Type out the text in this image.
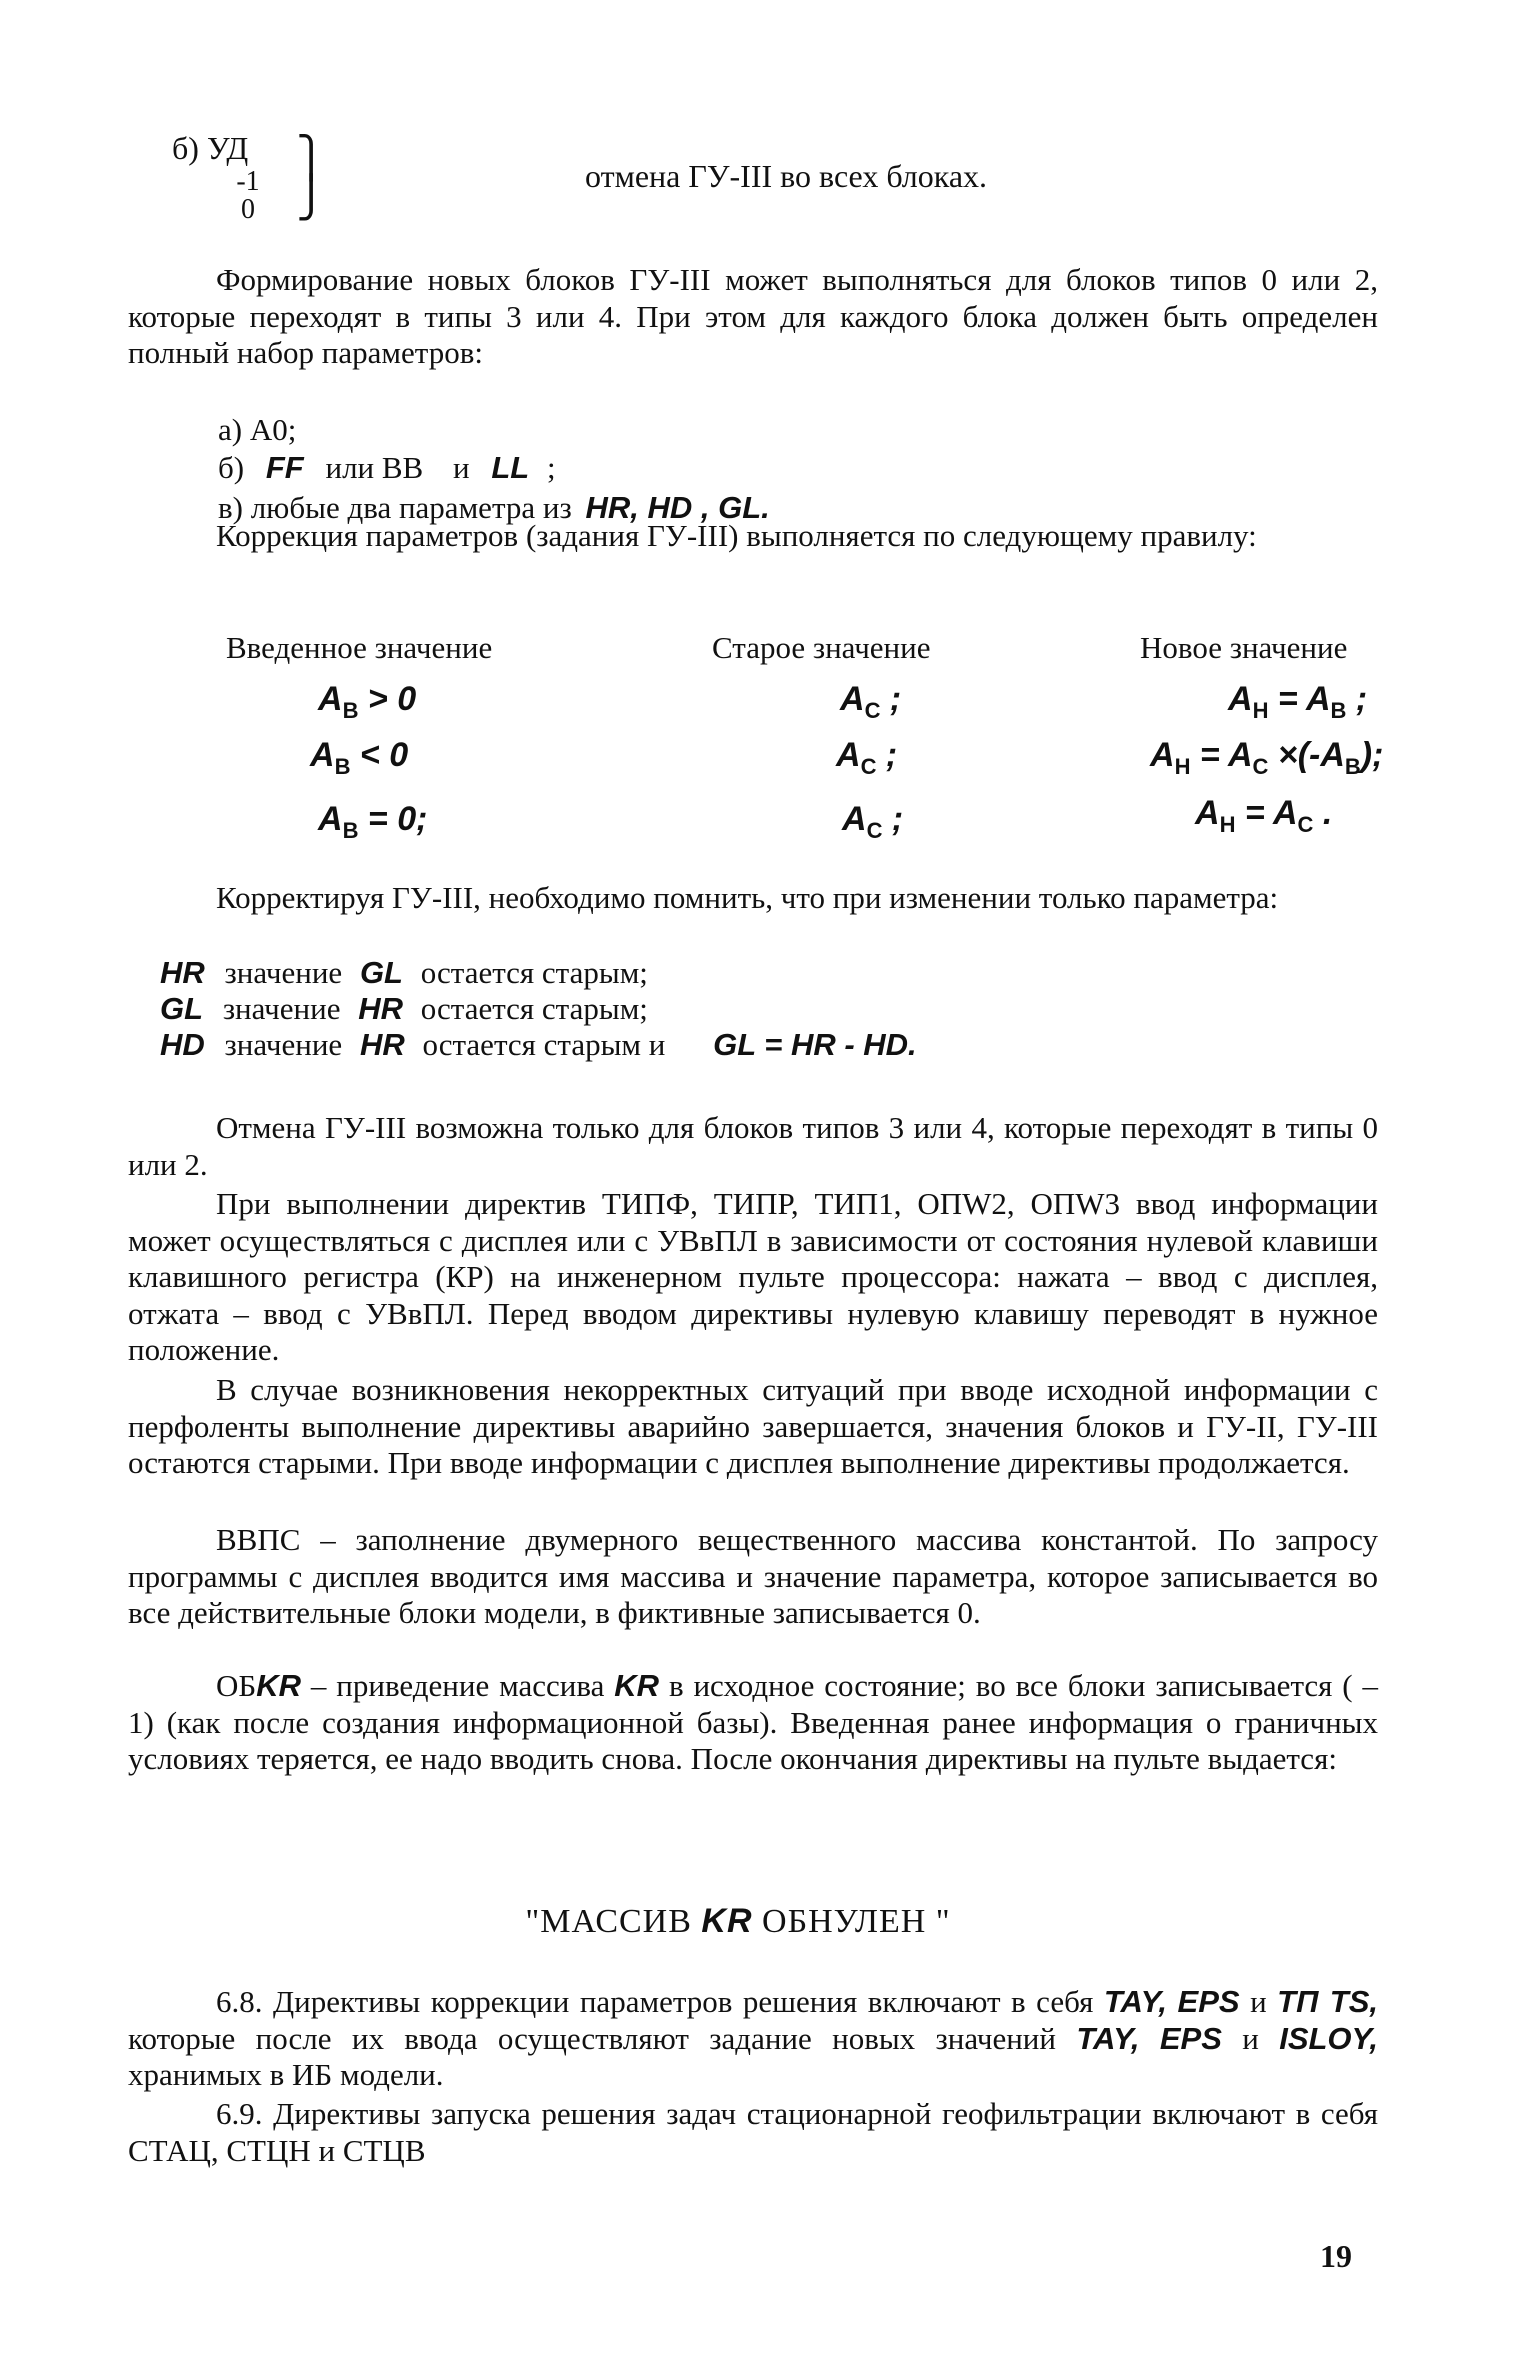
б) УД
-1
0
⎫
⎭	отмена ГУ-III во всех блоках.

Формирование новых блоков ГУ-III может выполняться для блоков типов 0 или 2, которые переходят в типы 3 или 4. При этом для каждого блока должен быть определен полный набор параметров:

а) A0;
б) FF или BB и LL ;
в) любые два параметра из HR, HD , GL.

Коррекция параметров (задания ГУ-III) выполняется по следующему правилу:

Введенное значение	Старое значение	Новое значение
$A_B > 0$	$A_C$ ;	$A_H = A_B$ ;
$A_B < 0$	$A_C$ ;	$A_H = A_C \times(-A_B)$;
$A_B = 0$;	$A_C$ ;	$A_H = A_C$ .

Корректируя ГУ-III, необходимо помнить, что при изменении только параметра:

HR значение GL остается старым;
GL значение HR остается старым;
HD значение HR остается старым и GL = HR - HD.

Отмена ГУ-III возможна только для блоков типов 3 или 4, которые переходят в типы 0 или 2.

При выполнении директив ТИПФ, ТИПР, ТИП1, ОПW2, ОПW3 ввод информации может осуществляться с дисплея или с УВвПЛ в зависимости от состояния нулевой клавиши клавишного регистра (КР) на инженерном пульте процессора: нажата – ввод с дисплея, отжата – ввод с УВвПЛ. Перед вводом директивы нулевую клавишу переводят в нужное положение.

В случае возникновения некорректных ситуаций при вводе исходной информации с перфоленты выполнение директивы аварийно завершается, значения блоков и ГУ-II, ГУ-III остаются старыми. При вводе информации с дисплея выполнение директивы продолжается.

ВВПС – заполнение двумерного вещественного массива константой. По запросу программы с дисплея вводится имя массива и значение параметра, которое записывается во все действительные блоки модели, в фиктивные записывается 0.

ОБKR – приведение массива KR в исходное состояние; во все блоки записывается ( – 1) (как после создания информационной базы). Введенная ранее информация о граничных условиях теряется, ее надо вводить снова. После окончания директивы на пульте выдается:

"МАССИВ KR ОБНУЛЕН "

6.8. Директивы коррекции параметров решения включают в себя TAY, EPS и ТП TS, которые после их ввода осуществляют задание новых значений TAY, EPS и ISLOY, хранимых в ИБ модели.

6.9. Директивы запуска решения задач стационарной геофильтрации включают в себя СТАЦ, СТЦН и СТЦВ

19
